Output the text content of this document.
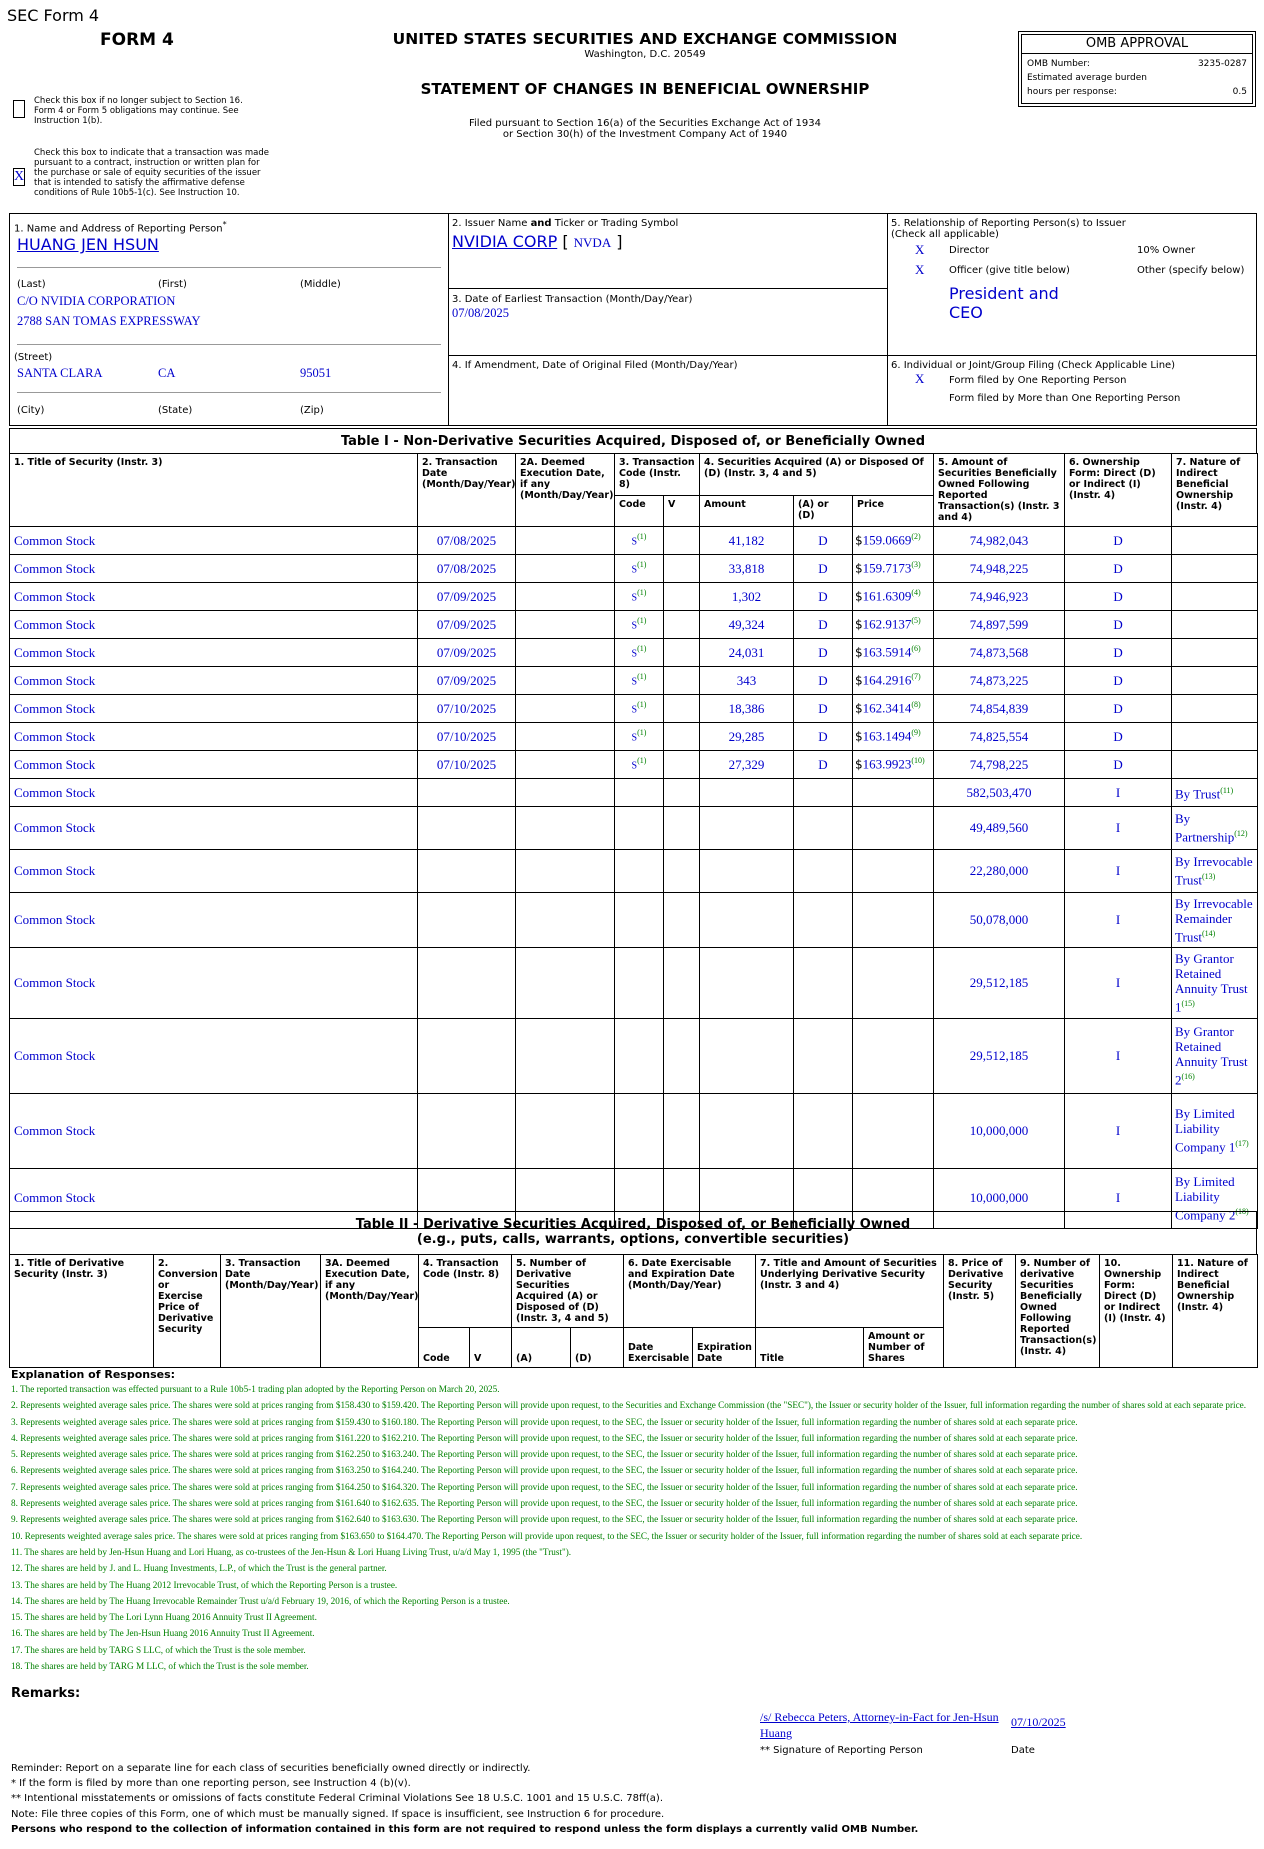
SEC Form 4
FORM 4
Check this box if no longer subject to Section 16. Form 4 or Form 5 obligations may continue. See Instruction 1(b).
X
Check this box to indicate that a transaction was made pursuant to a contract, instruction or written plan for the purchase or sale of equity securities of the issuer that is intended to satisfy the affirmative defense conditions of Rule 10b5-1(c). See Instruction 10.
UNITED STATES SECURITIES AND EXCHANGE COMMISSION
Washington, D.C. 20549
STATEMENT OF CHANGES IN BENEFICIAL OWNERSHIP
Filed pursuant to Section 16(a) of the Securities Exchange Act of 1934
or Section 30(h) of the Investment Company Act of 1940
OMB APPROVAL
OMB Number:	3235-0287
Estimated average burden
hours per response:	0.5
1. Name and Address of Reporting Person*
HUANG JEN HSUN
(Last)	(First)	(Middle)
C/O NVIDIA CORPORATION
2788 SAN TOMAS EXPRESSWAY
(Street)
SANTA CLARA	CA	95051
(City)	(State)	(Zip)
2. Issuer Name and Ticker or Trading Symbol
NVIDIA CORP [ NVDA ]
3. Date of Earliest Transaction (Month/Day/Year)
07/08/2025
4. If Amendment, Date of Original Filed (Month/Day/Year)
5. Relationship of Reporting Person(s) to Issuer
(Check all applicable)
X Director	10% Owner
X Officer (give title below)	Other (specify below)
President and
CEO
6. Individual or Joint/Group Filing (Check Applicable Line)
X Form filed by One Reporting Person
Form filed by More than One Reporting Person
Table I - Non-Derivative Securities Acquired, Disposed of, or Beneficially Owned
1. Title of Security (Instr. 3)	2. Transaction Date (Month/Day/Year)	2A. Deemed Execution Date, if any (Month/Day/Year)	3. Transaction Code (Instr. 8)		4. Securities Acquired (A) or Disposed Of (D) (Instr. 3, 4 and 5)			5. Amount of Securities Beneficially Owned Following Reported Transaction(s) (Instr. 3 and 4)	6. Ownership Form: Direct (D) or Indirect (I) (Instr. 4)	7. Nature of Indirect Beneficial Ownership (Instr. 4)
			Code	V	Amount	(A) or (D)	Price			
Common Stock	07/08/2025		$S^{(1)}$		41,182	D	$159.0669$^{(2)}$	74,982,043	D	
Common Stock	07/08/2025		$S^{(1)}$		33,818	D	$159.7173$^{(3)}$	74,948,225	D	
Common Stock	07/09/2025		$S^{(1)}$		1,302	D	$161.6309$^{(4)}$	74,946,923	D	
Common Stock	07/09/2025		$S^{(1)}$		49,324	D	$162.9137$^{(5)}$	74,897,599	D	
Common Stock	07/09/2025		$S^{(1)}$		24,031	D	$163.5914$^{(6)}$	74,873,568	D	
Common Stock	07/09/2025		$S^{(1)}$		343	D	$164.2916$^{(7)}$	74,873,225	D	
Common Stock	07/10/2025		$S^{(1)}$		18,386	D	$162.3414$^{(8)}$	74,854,839	D	
Common Stock	07/10/2025		$S^{(1)}$		29,285	D	$163.1494$^{(9)}$	74,825,554	D	
Common Stock	07/10/2025		$S^{(1)}$		27,329	D	$163.9923$^{(10)}$	74,798,225	D	
Common Stock								582,503,470	I	By Trust$^{(11)}$
Common Stock								49,489,560	I	By Partnership$^{(12)}$
Common Stock								22,280,000	I	By Irrevocable Trust$^{(13)}$
Common Stock								50,078,000	I	By Irrevocable Remainder Trust$^{(14)}$
Common Stock								29,512,185	I	By Grantor Retained Annuity Trust 1$^{(15)}$
Common Stock								29,512,185	I	By Grantor Retained Annuity Trust 2$^{(16)}$
Common Stock								10,000,000	I	By Limited Liability Company 1$^{(17)}$
Common Stock								10,000,000	I	By Limited Liability Company 2$^{(18)}$
Table II - Derivative Securities Acquired, Disposed of, or Beneficially Owned
(e.g., puts, calls, warrants, options, convertible securities)
1. Title of Derivative Security (Instr. 3)	2. Conversion or Exercise Price of Derivative Security	3. Transaction Date (Month/Day/Year)	3A. Deemed Execution Date, if any (Month/Day/Year)	4. Transaction Code (Instr. 8)		5. Number of Derivative Securities Acquired (A) or Disposed of (D) (Instr. 3, 4 and 5)		6. Date Exercisable and Expiration Date (Month/Day/Year)		7. Title and Amount of Securities Underlying Derivative Security (Instr. 3 and 4)		8. Price of Derivative Security (Instr. 5)	9. Number of derivative Securities Beneficially Owned Following Reported Transaction(s) (Instr. 4)	10. Ownership Form: Direct (D) or Indirect (I) (Instr. 4)	11. Nature of Indirect Beneficial Ownership (Instr. 4)
				Code	V	(A)	(D)	Date Exercisable	Expiration Date	Title	Amount or Number of Shares				
Explanation of Responses:
1. The reported transaction was effected pursuant to a Rule 10b5-1 trading plan adopted by the Reporting Person on March 20, 2025.
2. Represents weighted average sales price. The shares were sold at prices ranging from $158.430 to $159.420. The Reporting Person will provide upon request, to the Securities and Exchange Commission (the "SEC"), the Issuer or security holder of the Issuer, full information regarding the number of shares sold at each separate price.
3. Represents weighted average sales price. The shares were sold at prices ranging from $159.430 to $160.180. The Reporting Person will provide upon request, to the SEC, the Issuer or security holder of the Issuer, full information regarding the number of shares sold at each separate price.
4. Represents weighted average sales price. The shares were sold at prices ranging from $161.220 to $162.210. The Reporting Person will provide upon request, to the SEC, the Issuer or security holder of the Issuer, full information regarding the number of shares sold at each separate price.
5. Represents weighted average sales price. The shares were sold at prices ranging from $162.250 to $163.240. The Reporting Person will provide upon request, to the SEC, the Issuer or security holder of the Issuer, full information regarding the number of shares sold at each separate price.
6. Represents weighted average sales price. The shares were sold at prices ranging from $163.250 to $164.240. The Reporting Person will provide upon request, to the SEC, the Issuer or security holder of the Issuer, full information regarding the number of shares sold at each separate price.
7. Represents weighted average sales price. The shares were sold at prices ranging from $164.250 to $164.320. The Reporting Person will provide upon request, to the SEC, the Issuer or security holder of the Issuer, full information regarding the number of shares sold at each separate price.
8. Represents weighted average sales price. The shares were sold at prices ranging from $161.640 to $162.635. The Reporting Person will provide upon request, to the SEC, the Issuer or security holder of the Issuer, full information regarding the number of shares sold at each separate price.
9. Represents weighted average sales price. The shares were sold at prices ranging from $162.640 to $163.630. The Reporting Person will provide upon request, to the SEC, the Issuer or security holder of the Issuer, full information regarding the number of shares sold at each separate price.
10. Represents weighted average sales price. The shares were sold at prices ranging from $163.650 to $164.470. The Reporting Person will provide upon request, to the SEC, the Issuer or security holder of the Issuer, full information regarding the number of shares sold at each separate price.
11. The shares are held by Jen-Hsun Huang and Lori Huang, as co-trustees of the Jen-Hsun & Lori Huang Living Trust, u/a/d May 1, 1995 (the "Trust").
12. The shares are held by J. and L. Huang Investments, L.P., of which the Trust is the general partner.
13. The shares are held by The Huang 2012 Irrevocable Trust, of which the Reporting Person is a trustee.
14. The shares are held by The Huang Irrevocable Remainder Trust u/a/d February 19, 2016, of which the Reporting Person is a trustee.
15. The shares are held by The Lori Lynn Huang 2016 Annuity Trust II Agreement.
16. The shares are held by The Jen-Hsun Huang 2016 Annuity Trust II Agreement.
17. The shares are held by TARG S LLC, of which the Trust is the sole member.
18. The shares are held by TARG M LLC, of which the Trust is the sole member.
Remarks:
/s/ Rebecca Peters, Attorney-in-Fact for Jen-Hsun Huang
07/10/2025
** Signature of Reporting Person	Date
Reminder: Report on a separate line for each class of securities beneficially owned directly or indirectly.
* If the form is filed by more than one reporting person, see Instruction 4 (b)(v).
** Intentional misstatements or omissions of facts constitute Federal Criminal Violations See 18 U.S.C. 1001 and 15 U.S.C. 78ff(a).
Note: File three copies of this Form, one of which must be manually signed. If space is insufficient, see Instruction 6 for procedure.
Persons who respond to the collection of information contained in this form are not required to respond unless the form displays a currently valid OMB Number.
